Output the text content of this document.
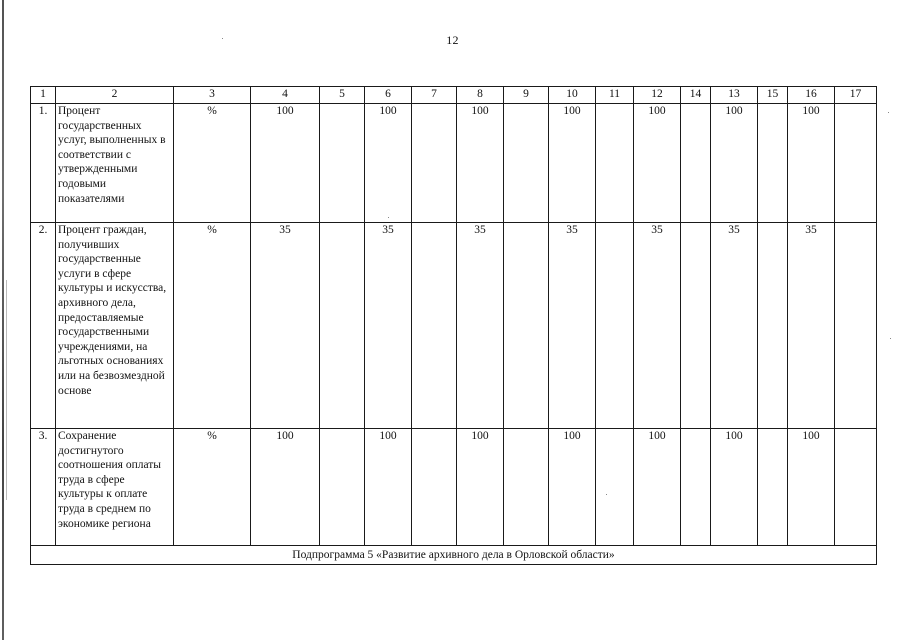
12
1	2	3	4	5	6	7	8	9	10	11	12	14	13	15	16	17
1.	Процент государственных услуг, выполненных в соответствии с утвержденными годовыми показателями	%	100		100		100		100		100		100		100	
2.	Процент граждан, получивших государственные услуги в сфере культуры и искусства, архивного дела, предоставляемые государственными учреждениями, на льготных основаниях или на безвозмездной основе	%	35		35		35		35		35		35		35	
3.	Сохранение достигнутого соотношения оплаты труда в сфере культуры к оплате труда в среднем по экономике региона	%	100		100		100		100		100		100		100	
Подпрограмма 5 «Развитие архивного дела в Орловской области»																
